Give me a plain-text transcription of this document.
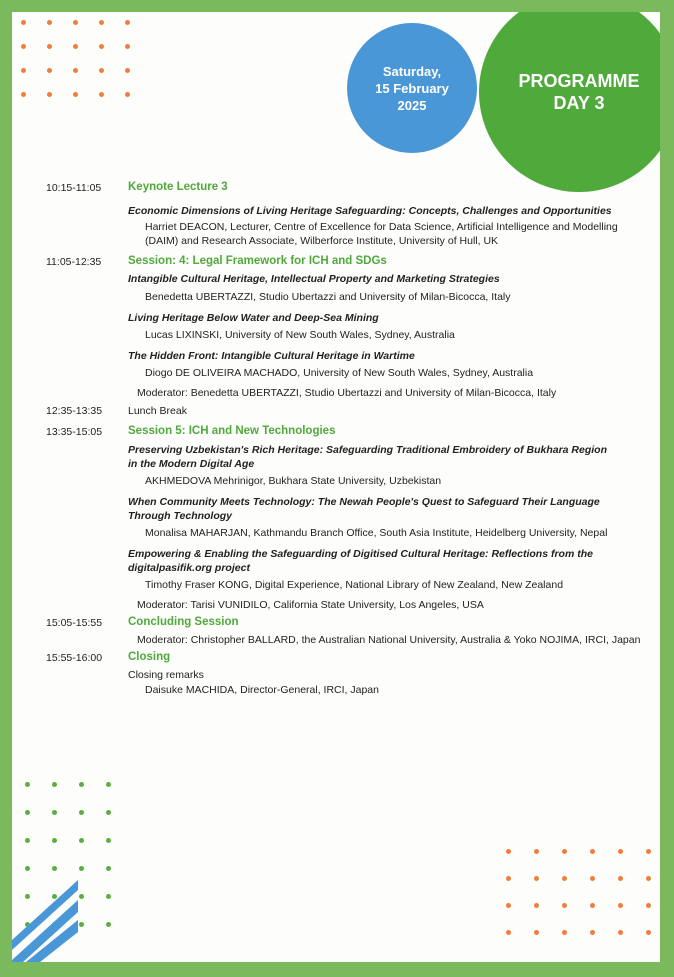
Saturday,
15 February
2025
PROGRAMME
DAY 3
10:15-11:05 Keynote Lecture 3
Economic Dimensions of Living Heritage Safeguarding: Concepts, Challenges and Opportunities
Harriet DEACON, Lecturer, Centre of Excellence for Data Science, Artificial Intelligence and Modelling (DAIM) and Research Associate, Wilberforce Institute, University of Hull, UK
11:05-12:35 Session: 4: Legal Framework for ICH and SDGs
Intangible Cultural Heritage, Intellectual Property and Marketing Strategies
Benedetta UBERTAZZI, Studio Ubertazzi and University of Milan-Bicocca, Italy
Living Heritage Below Water and Deep-Sea Mining
Lucas LIXINSKI, University of New South Wales, Sydney, Australia
The Hidden Front: Intangible Cultural Heritage in Wartime
Diogo DE OLIVEIRA MACHADO, University of New South Wales, Sydney, Australia
Moderator: Benedetta UBERTAZZI, Studio Ubertazzi and University of Milan-Bicocca, Italy
12:35-13:35 Lunch Break
13:35-15:05 Session 5: ICH and New Technologies
Preserving Uzbekistan's Rich Heritage: Safeguarding Traditional Embroidery of Bukhara Region in the Modern Digital Age
AKHMEDOVA Mehrinigor, Bukhara State University, Uzbekistan
When Community Meets Technology: The Newah People's Quest to Safeguard Their Language Through Technology
Monalisa MAHARJAN, Kathmandu Branch Office, South Asia Institute, Heidelberg University, Nepal
Empowering & Enabling the Safeguarding of Digitised Cultural Heritage: Reflections from the digitalpasifik.org project
Timothy Fraser KONG, Digital Experience, National Library of New Zealand, New Zealand
Moderator: Tarisi VUNIDILO, California State University, Los Angeles, USA
15:05-15:55 Concluding Session
Moderator: Christopher BALLARD, the Australian National University, Australia & Yoko NOJIMA, IRCI, Japan
15:55-16:00 Closing
Closing remarks
Daisuke MACHIDA, Director-General, IRCI, Japan
